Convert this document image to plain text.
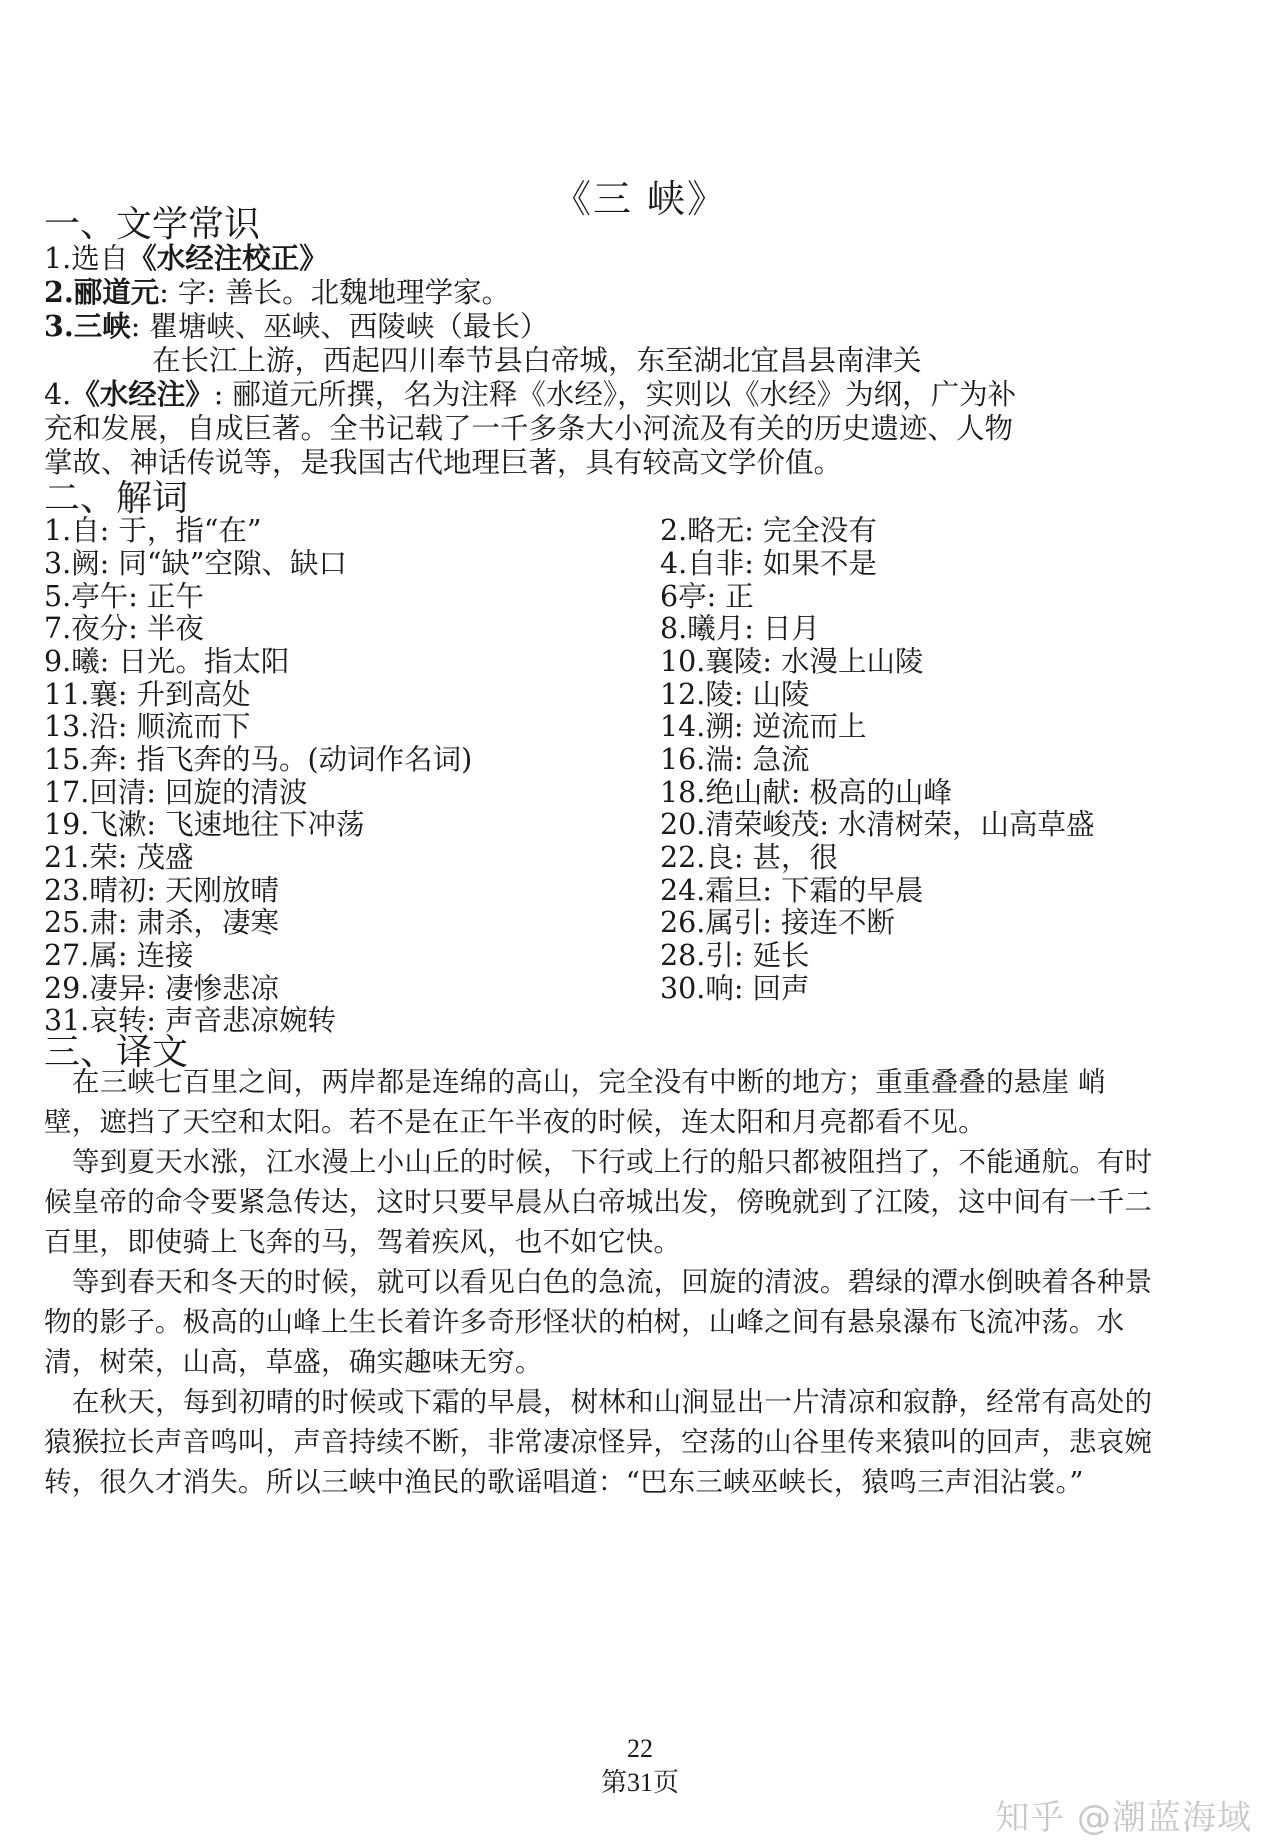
《三 峡》
一、文学常识
1.选自《水经注校正》
2.郦道元: 字: 善长。北魏地理学家。
3.三峡: 瞿塘峡、巫峡、西陵峡（最长）
在长江上游，西起四川奉节县白帝城，东至湖北宜昌县南津关
4.《水经注》: 郦道元所撰，名为注释《水经》，实则以《水经》为纲，广为补
充和发展，自成巨著。全书记载了一千多条大小河流及有关的历史遗迹、人物
掌故、神话传说等，是我国古代地理巨著，具有较高文学价值。
二、解词
1.自: 于，指“在”	2.略无: 完全没有
3.阙: 同“缺”空隙、缺口	4.自非: 如果不是
5.亭午: 正午	6亭: 正
7.夜分: 半夜	8.曦月: 日月
9.曦: 日光。指太阳	10.襄陵: 水漫上山陵
11.襄: 升到高处	12.陵: 山陵
13.沿: 顺流而下	14.溯: 逆流而上
15.奔: 指飞奔的马。(动词作名词)	16.湍: 急流
17.回清: 回旋的清波	18.绝山献: 极高的山峰
19.飞漱: 飞速地往下冲荡	20.清荣峻茂: 水清树荣，山高草盛
21.荣: 茂盛	22.良: 甚，很
23.晴初: 天刚放晴	24.霜旦: 下霜的早晨
25.肃: 肃杀，凄寒	26.属引: 接连不断
27.属: 连接	28.引: 延长
29.凄异: 凄惨悲凉	30.响: 回声
31.哀转: 声音悲凉婉转
三、译文
在三峡七百里之间，两岸都是连绵的高山，完全没有中断的地方；重重叠叠的悬崖 峭壁，遮挡了天空和太阳。若不是在正午半夜的时候，连太阳和月亮都看不见。
等到夏天水涨，江水漫上小山丘的时候，下行或上行的船只都被阻挡了，不能通航。有时候皇帝的命令要紧急传达，这时只要早晨从白帝城出发，傍晚就到了江陵，这中间有一千二百里，即使骑上飞奔的马，驾着疾风，也不如它快。
等到春天和冬天的时候，就可以看见白色的急流，回旋的清波。碧绿的潭水倒映着各种景物的影子。极高的山峰上生长着许多奇形怪状的柏树，山峰之间有悬泉瀑布飞流冲荡。水清，树荣，山高，草盛，确实趣味无穷。
在秋天，每到初晴的时候或下霜的早晨，树林和山涧显出一片清凉和寂静，经常有高处的猿猴拉长声音鸣叫，声音持续不断，非常凄凉怪异，空荡的山谷里传来猿叫的回声，悲哀婉转，很久才消失。所以三峡中渔民的歌谣唱道：“巴东三峡巫峡长，猿鸣三声泪沾裳。”
22
第31页
知乎 @潮蓝海域
